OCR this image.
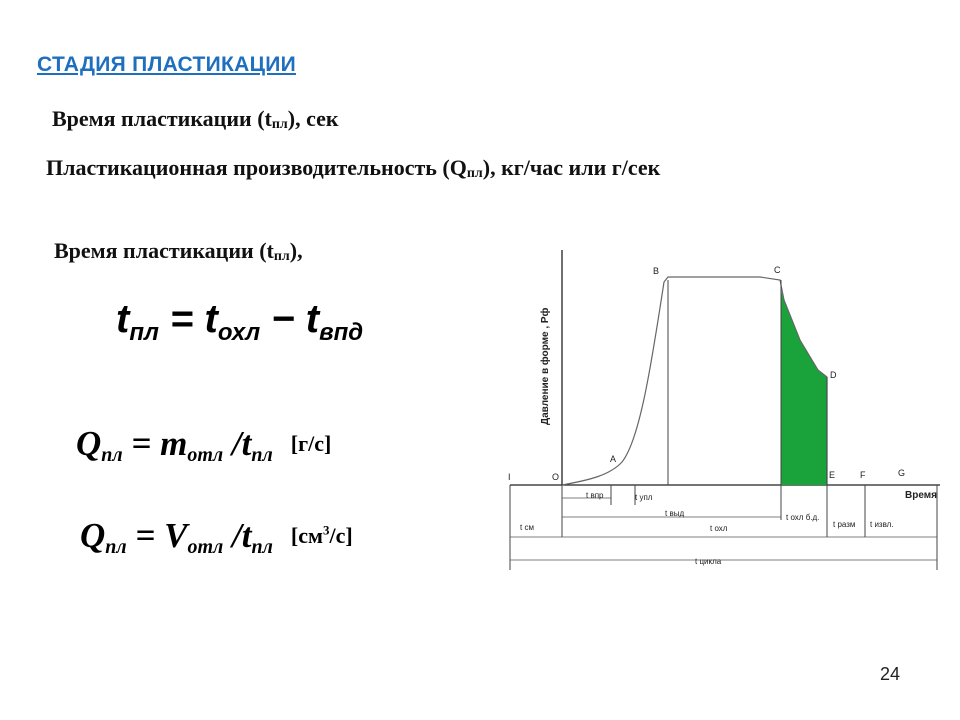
СТАДИЯ ПЛАСТИКАЦИИ
Время пластикации (tпл), сек
Пластикационная производительность (Qпл), кг/час или г/сек
Время пластикации (tпл),
$t_{пл} = t_{охл} - t_{впд}$
$Q_{пл} = m_{отл}$ $/t_{пл}$ [г/с]
$Q_{пл} = V_{отл}$ $/t_{пл}$ $[см^3/с]$
Давление в форме , Рф
Время
I	O
A
B	C
D
E	F	G
t впр	t упл
t выд	t охл б.д.
t см	t охл	t разм t извл.
t цикла
24
